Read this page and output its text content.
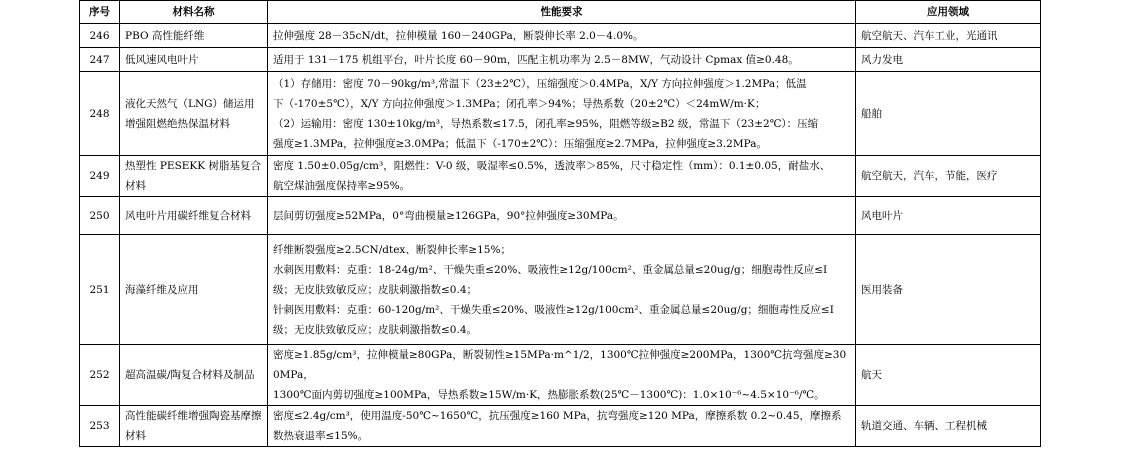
序号	材料名称	性能要求	应用领域
246	PBO 高性能纤维	拉伸强度 28－35cN/dt，拉伸模量 160－240GPa，断裂伸长率 2.0－4.0%。	航空航天、汽车工业，光通讯
247	低风速风电叶片	适用于 131－175 机组平台，叶片长度 60－90m，匹配主机功率为 2.5－8MW，气动设计 Cpmax 值≥0.48。	风力发电
248	液化天然气（LNG）储运用增强阻燃绝热保温材料	（1）存储用：密度 70－90kg/m³,常温下（23±2℃），压缩强度＞0.4MPa，X/Y 方向拉伸强度＞1.2MPa；低温
下（-170±5℃），X/Y 方向拉伸强度＞1.3MPa；闭孔率＞94%；导热系数（20±2℃）＜24mW/m·K；
（2）运输用：密度 130±10kg/m³，导热系数≤17.5，闭孔率≥95%，阻燃等级≥B2 级，常温下（23±2℃）：压缩
强度≥1.3MPa，拉伸强度≥3.0MPa；低温下（-170±2℃）：压缩强度≥2.7MPa，拉伸强度≥3.2MPa。	船舶
249	热塑性 PESEKK 树脂基复合材料	密度 1.50±0.05g/cm³，阻燃性：V-0 级，吸湿率≤0.5%，透波率＞85%，尺寸稳定性（mm）：0.1±0.05，耐盐水、
航空煤油强度保持率≥95%。	航空航天，汽车，节能，医疗
250	风电叶片用碳纤维复合材料	层间剪切强度≥52MPa，0°弯曲模量≥126GPa，90°拉伸强度≥30MPa。	风电叶片
251	海藻纤维及应用	纤维断裂强度≥2.5CN/dtex、断裂伸长率≥15%；
水刺医用敷料：克重：18-24g/m²、干燥失重≤20%、吸液性≥12g/100cm²、重金属总量≤20ug/g；细胞毒性反应≤Ⅰ
级；无皮肤致敏反应；皮肤刺激指数≤0.4；
针刺医用敷料：克重：60-120g/m²、干燥失重≤20%、吸液性≥12g/100cm²、重金属总量≤20ug/g；细胞毒性反应≤Ⅰ
级；无皮肤致敏反应；皮肤刺激指数≤0.4。	医用装备
252	超高温碳/陶复合材料及制品	密度≥1.85g/cm³，拉伸模量≥80GPa，断裂韧性≥15MPa·m^1/2，1300℃拉伸强度≥200MPa，1300℃抗弯强度≥300MPa，
1300℃面内剪切强度≥100MPa，导热系数≥15W/m·K，热膨胀系数(25℃－1300℃)：1.0×10⁻⁶~4.5×10⁻⁶/℃。	航天
253	高性能碳纤维增强陶瓷基摩擦材料	密度≤2.4g/cm³，使用温度-50℃~1650℃，抗压强度≥160 MPa，抗弯强度≥120 MPa，摩擦系数 0.2~0.45，摩擦系
数热衰退率≤15%。	轨道交通、车辆、工程机械
